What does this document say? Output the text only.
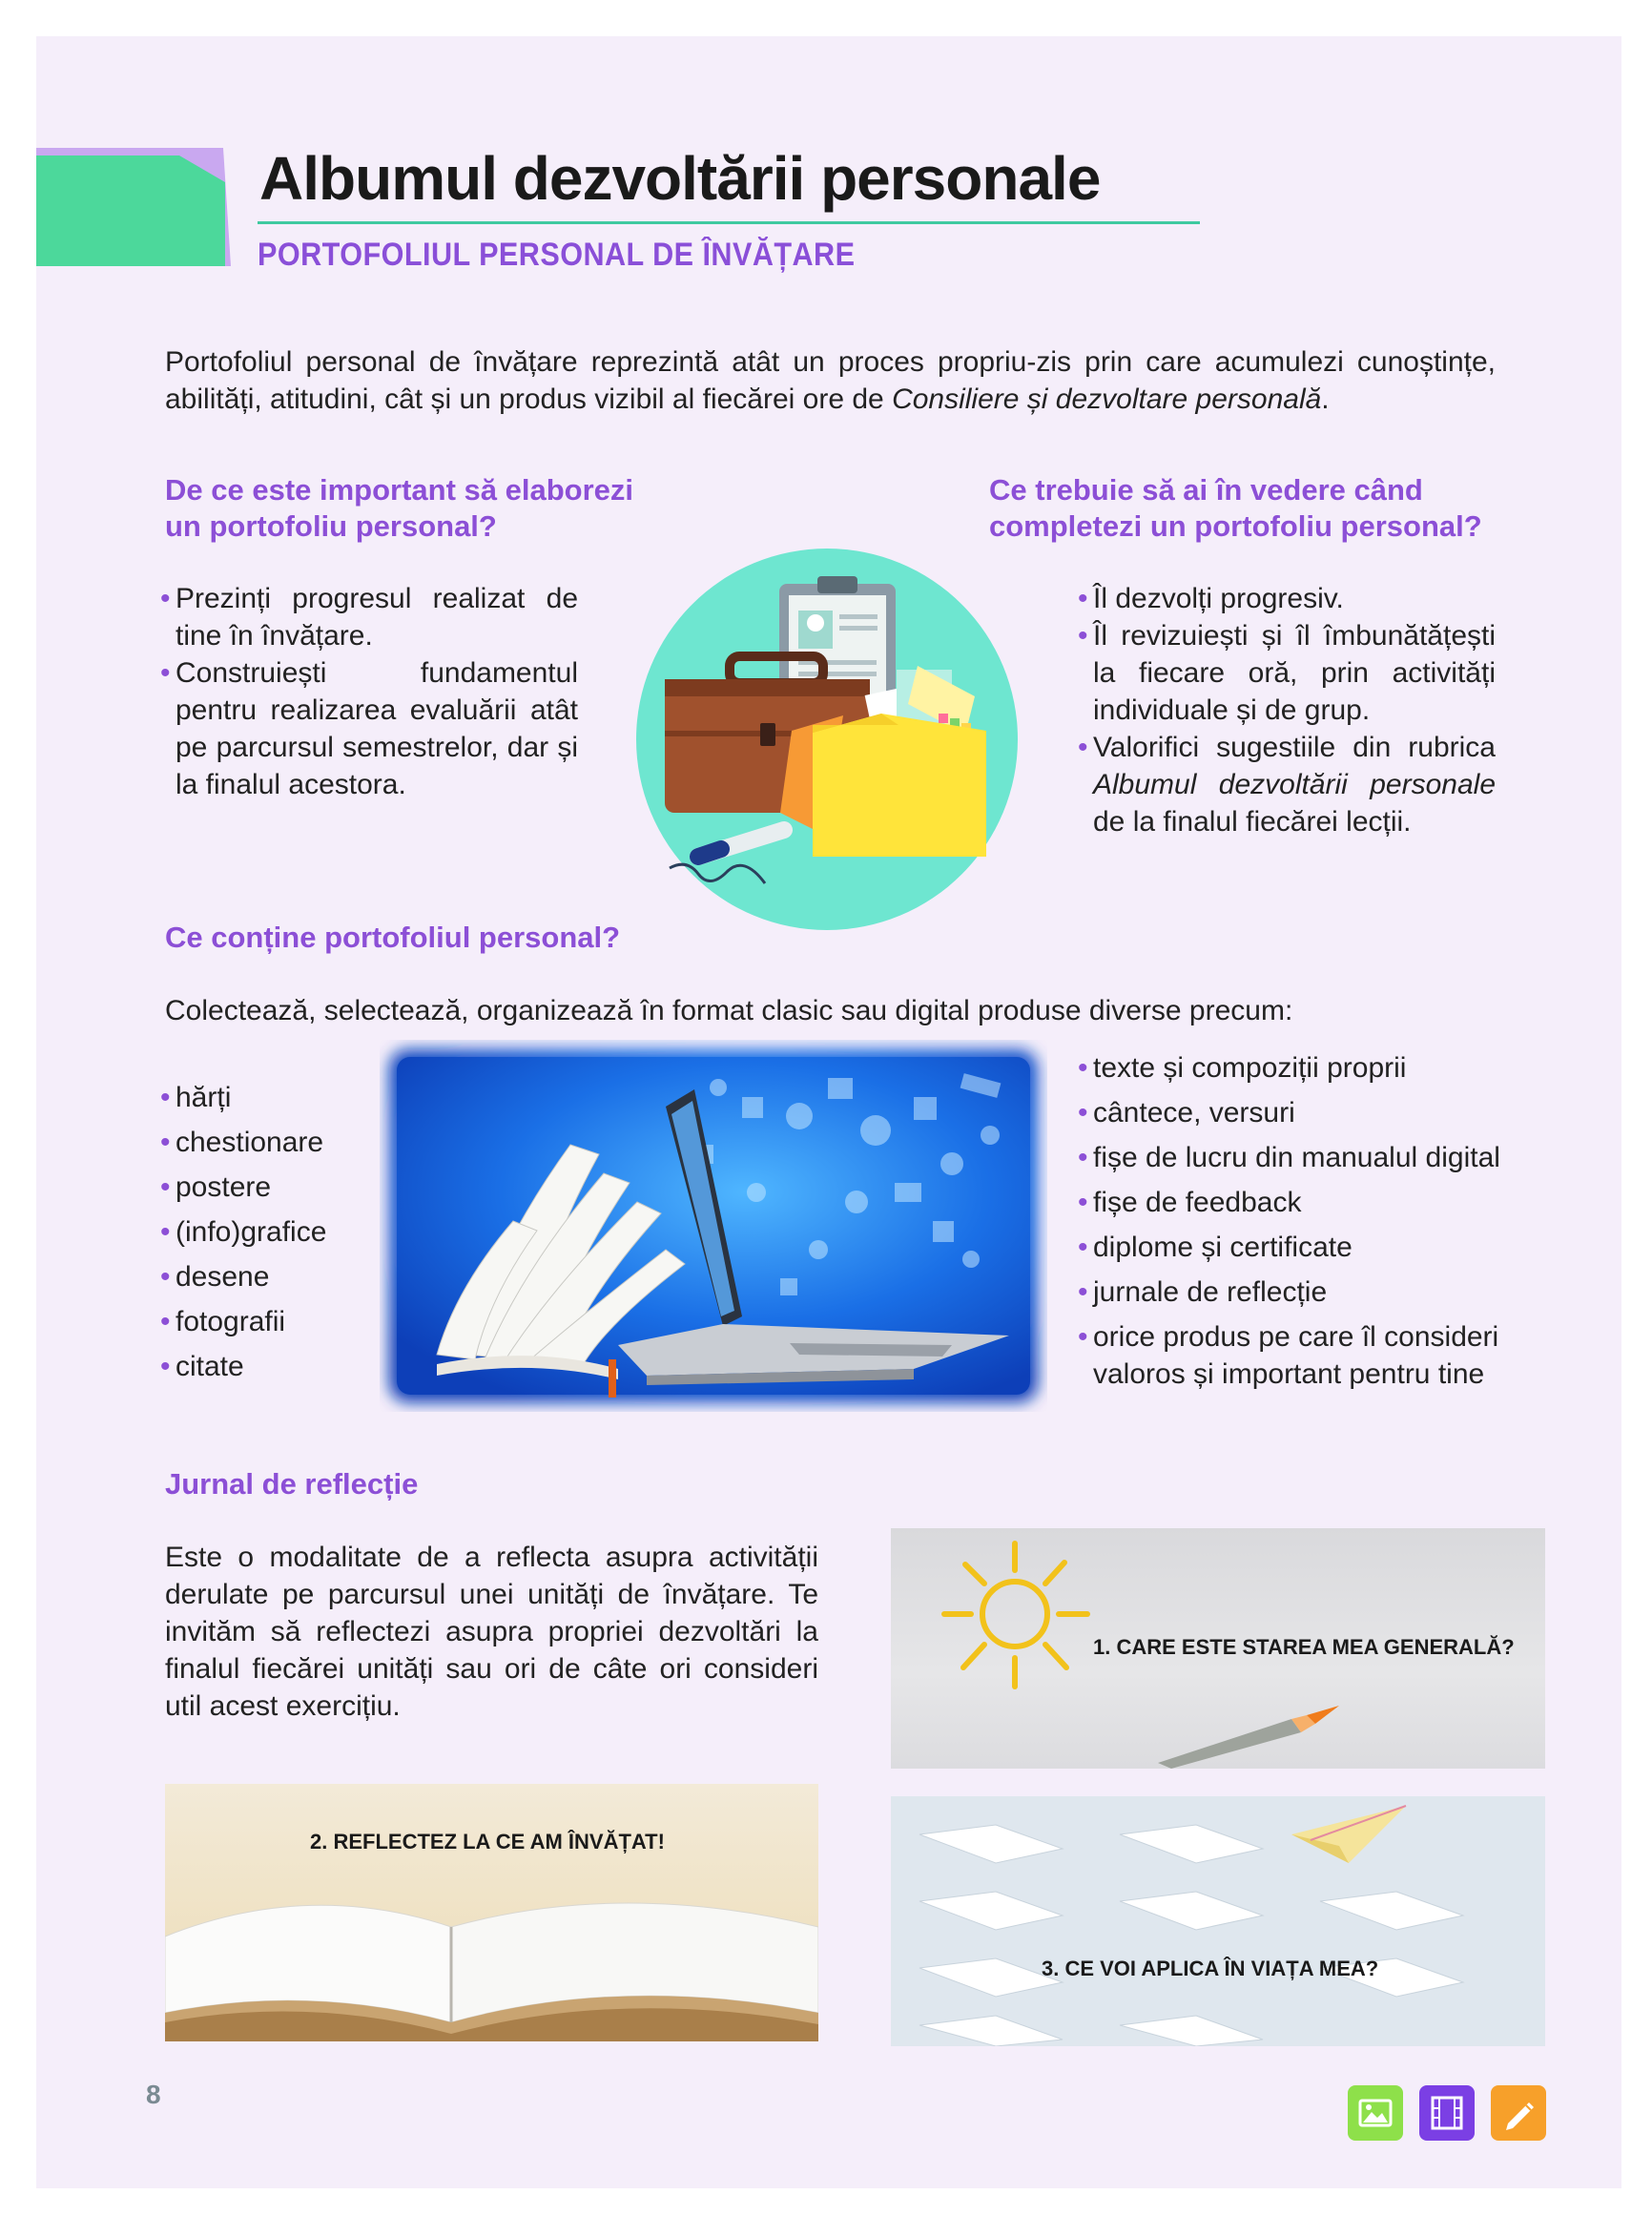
Albumul dezvoltării personale
PORTOFOLIUL PERSONAL DE ÎNVĂȚARE
Portofoliul personal de învățare reprezintă atât un proces propriu-zis prin care acumulezi cunoștințe, abilități, atitudini, cât și un produs vizibil al fiecărei ore de Consiliere și dezvoltare personală.
De ce este important să elaborezi un portofoliu personal?
• Prezinți progresul realizat de tine în învățare.
• Construiești fundamentul pentru realizarea evaluării atât pe parcursul semestrelor, dar și la finalul acestora.
Ce trebuie să ai în vedere când completezi un portofoliu personal?
• Îl dezvolți progresiv.
• Îl revizuiești și îl îmbunătățești la fiecare oră, prin activități individuale și de grup.
• Valorifici sugestiile din rubrica Albumul dezvoltării personale de la finalul fiecărei lecții.
Ce conține portofoliul personal?
Colectează, selectează, organizează în format clasic sau digital produse diverse precum:
• hărți
• chestionare
• postere
• (info)grafice
• desene
• fotografii
• citate
• texte și compoziții proprii
• cântece, versuri
• fișe de lucru din manualul digital
• fișe de feedback
• diplome și certificate
• jurnale de reflecție
• orice produs pe care îl consideri valoros și important pentru tine
Jurnal de reflecție
Este o modalitate de a reflecta asupra activității derulate pe parcursul unei unități de învățare. Te invităm să reflectezi asupra propriei dezvoltări la finalul fiecărei unități sau ori de câte ori consideri util acest exercițiu.
1. CARE ESTE STAREA MEA GENERALĂ?
2. REFLECTEZ LA CE AM ÎNVĂȚAT!
3. CE VOI APLICA ÎN VIAȚA MEA?
8
